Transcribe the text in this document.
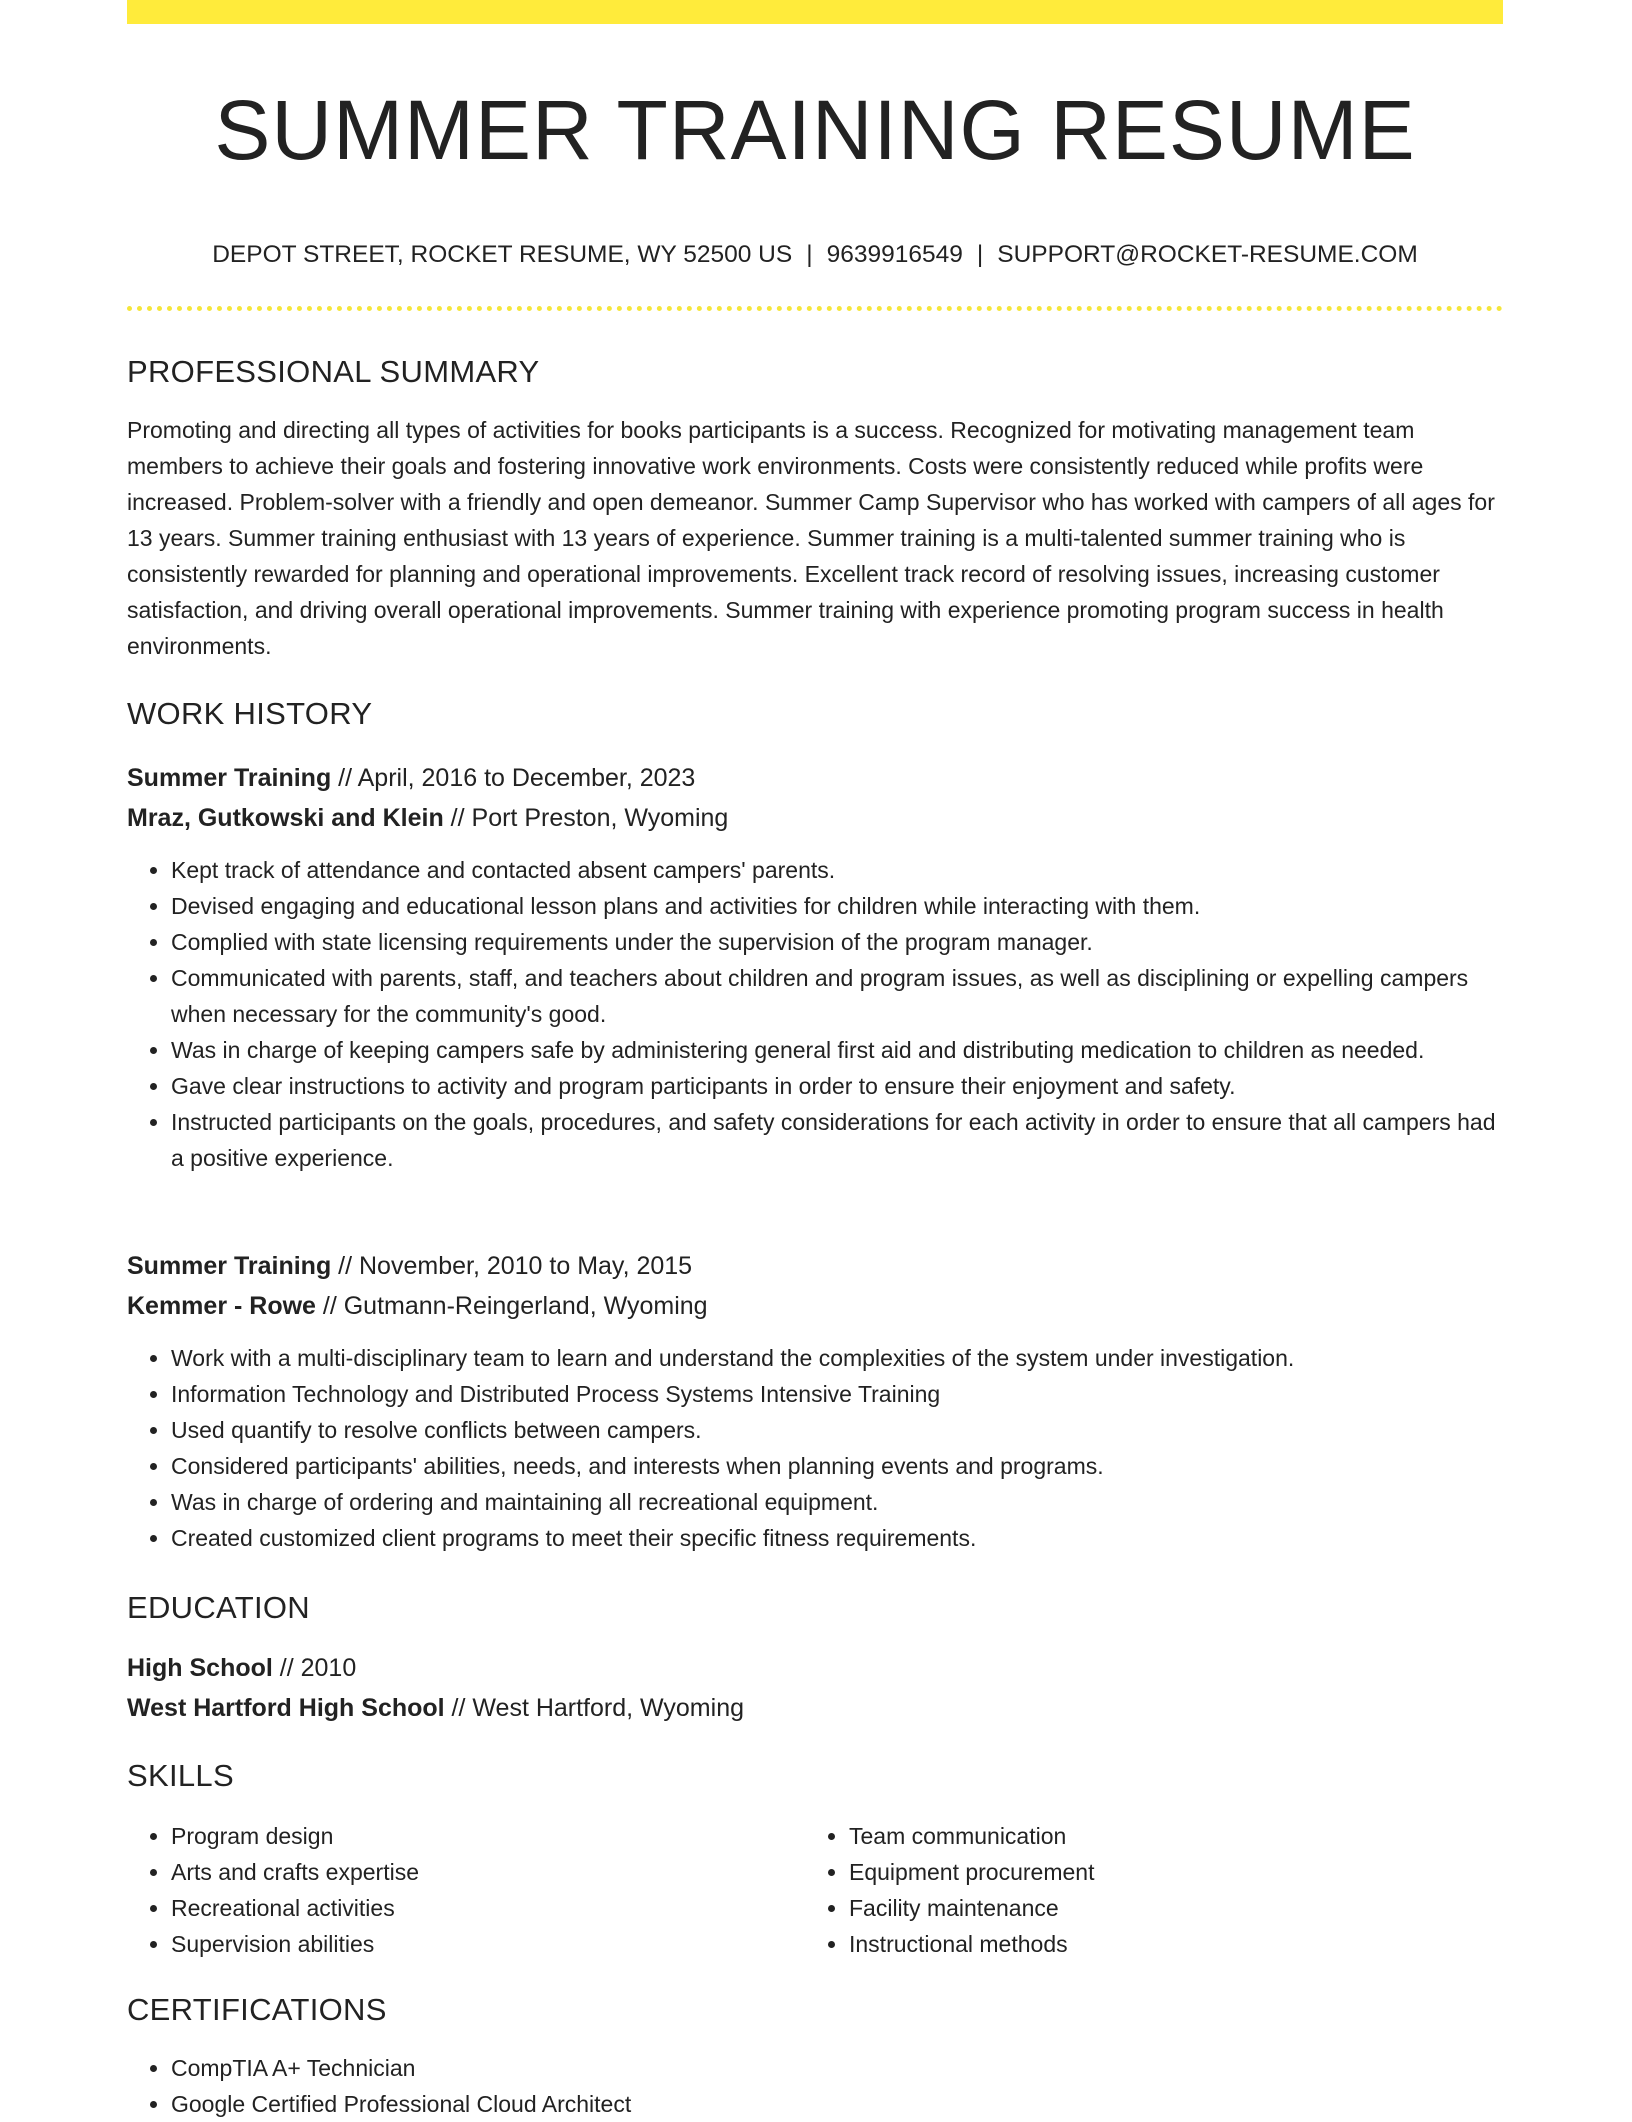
SUMMER TRAINING RESUME
DEPOT STREET, ROCKET RESUME, WY 52500 US | 9639916549 | SUPPORT@ROCKET-RESUME.COM
PROFESSIONAL SUMMARY

Promoting and directing all types of activities for books participants is a success. Recognized for motivating management team members to achieve their goals and fostering innovative work environments. Costs were consistently reduced while profits were increased. Problem-solver with a friendly and open demeanor. Summer Camp Supervisor who has worked with campers of all ages for 13 years. Summer training enthusiast with 13 years of experience. Summer training is a multi-talented summer training who is consistently rewarded for planning and operational improvements. Excellent track record of resolving issues, increasing customer satisfaction, and driving overall operational improvements. Summer training with experience promoting program success in health environments.

WORK HISTORY
Summer Training // April, 2016 to December, 2023
Mraz, Gutkowski and Klein // Port Preston, Wyoming
• Kept track of attendance and contacted absent campers' parents.
• Devised engaging and educational lesson plans and activities for children while interacting with them.
• Complied with state licensing requirements under the supervision of the program manager.
• Communicated with parents, staff, and teachers about children and program issues, as well as disciplining or expelling campers when necessary for the community's good.
• Was in charge of keeping campers safe by administering general first aid and distributing medication to children as needed.
• Gave clear instructions to activity and program participants in order to ensure their enjoyment and safety.
• Instructed participants on the goals, procedures, and safety considerations for each activity in order to ensure that all campers had a positive experience.
Summer Training // November, 2010 to May, 2015
Kemmer - Rowe // Gutmann-Reingerland, Wyoming
• Work with a multi-disciplinary team to learn and understand the complexities of the system under investigation.
• Information Technology and Distributed Process Systems Intensive Training
• Used quantify to resolve conflicts between campers.
• Considered participants' abilities, needs, and interests when planning events and programs.
• Was in charge of ordering and maintaining all recreational equipment.
• Created customized client programs to meet their specific fitness requirements.
EDUCATION
High School // 2010
West Hartford High School // West Hartford, Wyoming
SKILLS
• Program design
• Arts and crafts expertise
• Recreational activities
• Supervision abilities
• Team communication
• Equipment procurement
• Facility maintenance
• Instructional methods
CERTIFICATIONS
• CompTIA A+ Technician
• Google Certified Professional Cloud Architect
